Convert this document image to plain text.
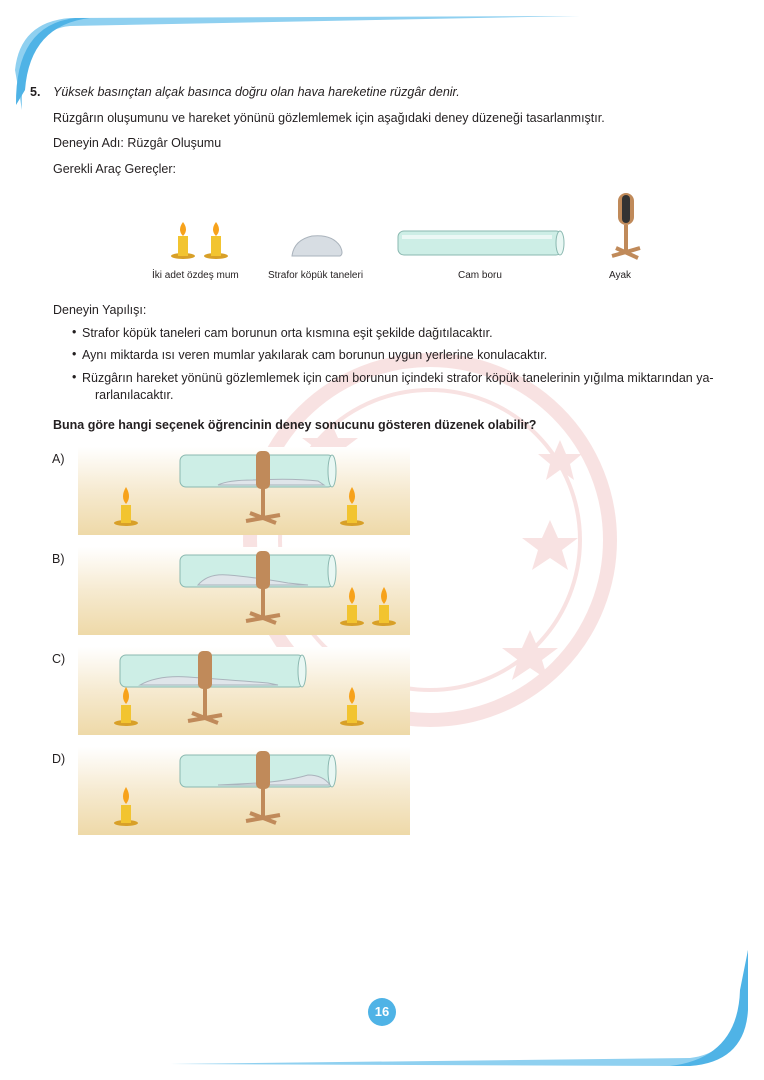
5. Yüksek basınçtan alçak basınca doğru olan hava hareketine rüzgâr denir.
Rüzgârın oluşumunu ve hareket yönünü gözlemlemek için aşağıdaki deney düzeneği tasarlanmıştır.
Deneyin Adı: Rüzgâr Oluşumu
Gerekli Araç Gereçler:
İki adet özdeş mum	Strafor köpük taneleri	Cam boru	Ayak
Deneyin Yapılışı:
• Strafor köpük taneleri cam borunun orta kısmına eşit şekilde dağıtılacaktır.
• Aynı miktarda ısı veren mumlar yakılarak cam borunun uygun yerlerine konulacaktır.
• Rüzgârın hareket yönünü gözlemlemek için cam borunun içindeki strafor köpük tanelerinin yığılma miktarından ya-
rarlanılacaktır.
Buna göre hangi seçenek öğrencinin deney sonucunu gösteren düzenek olabilir?
A)
B)
C)
D)
16
